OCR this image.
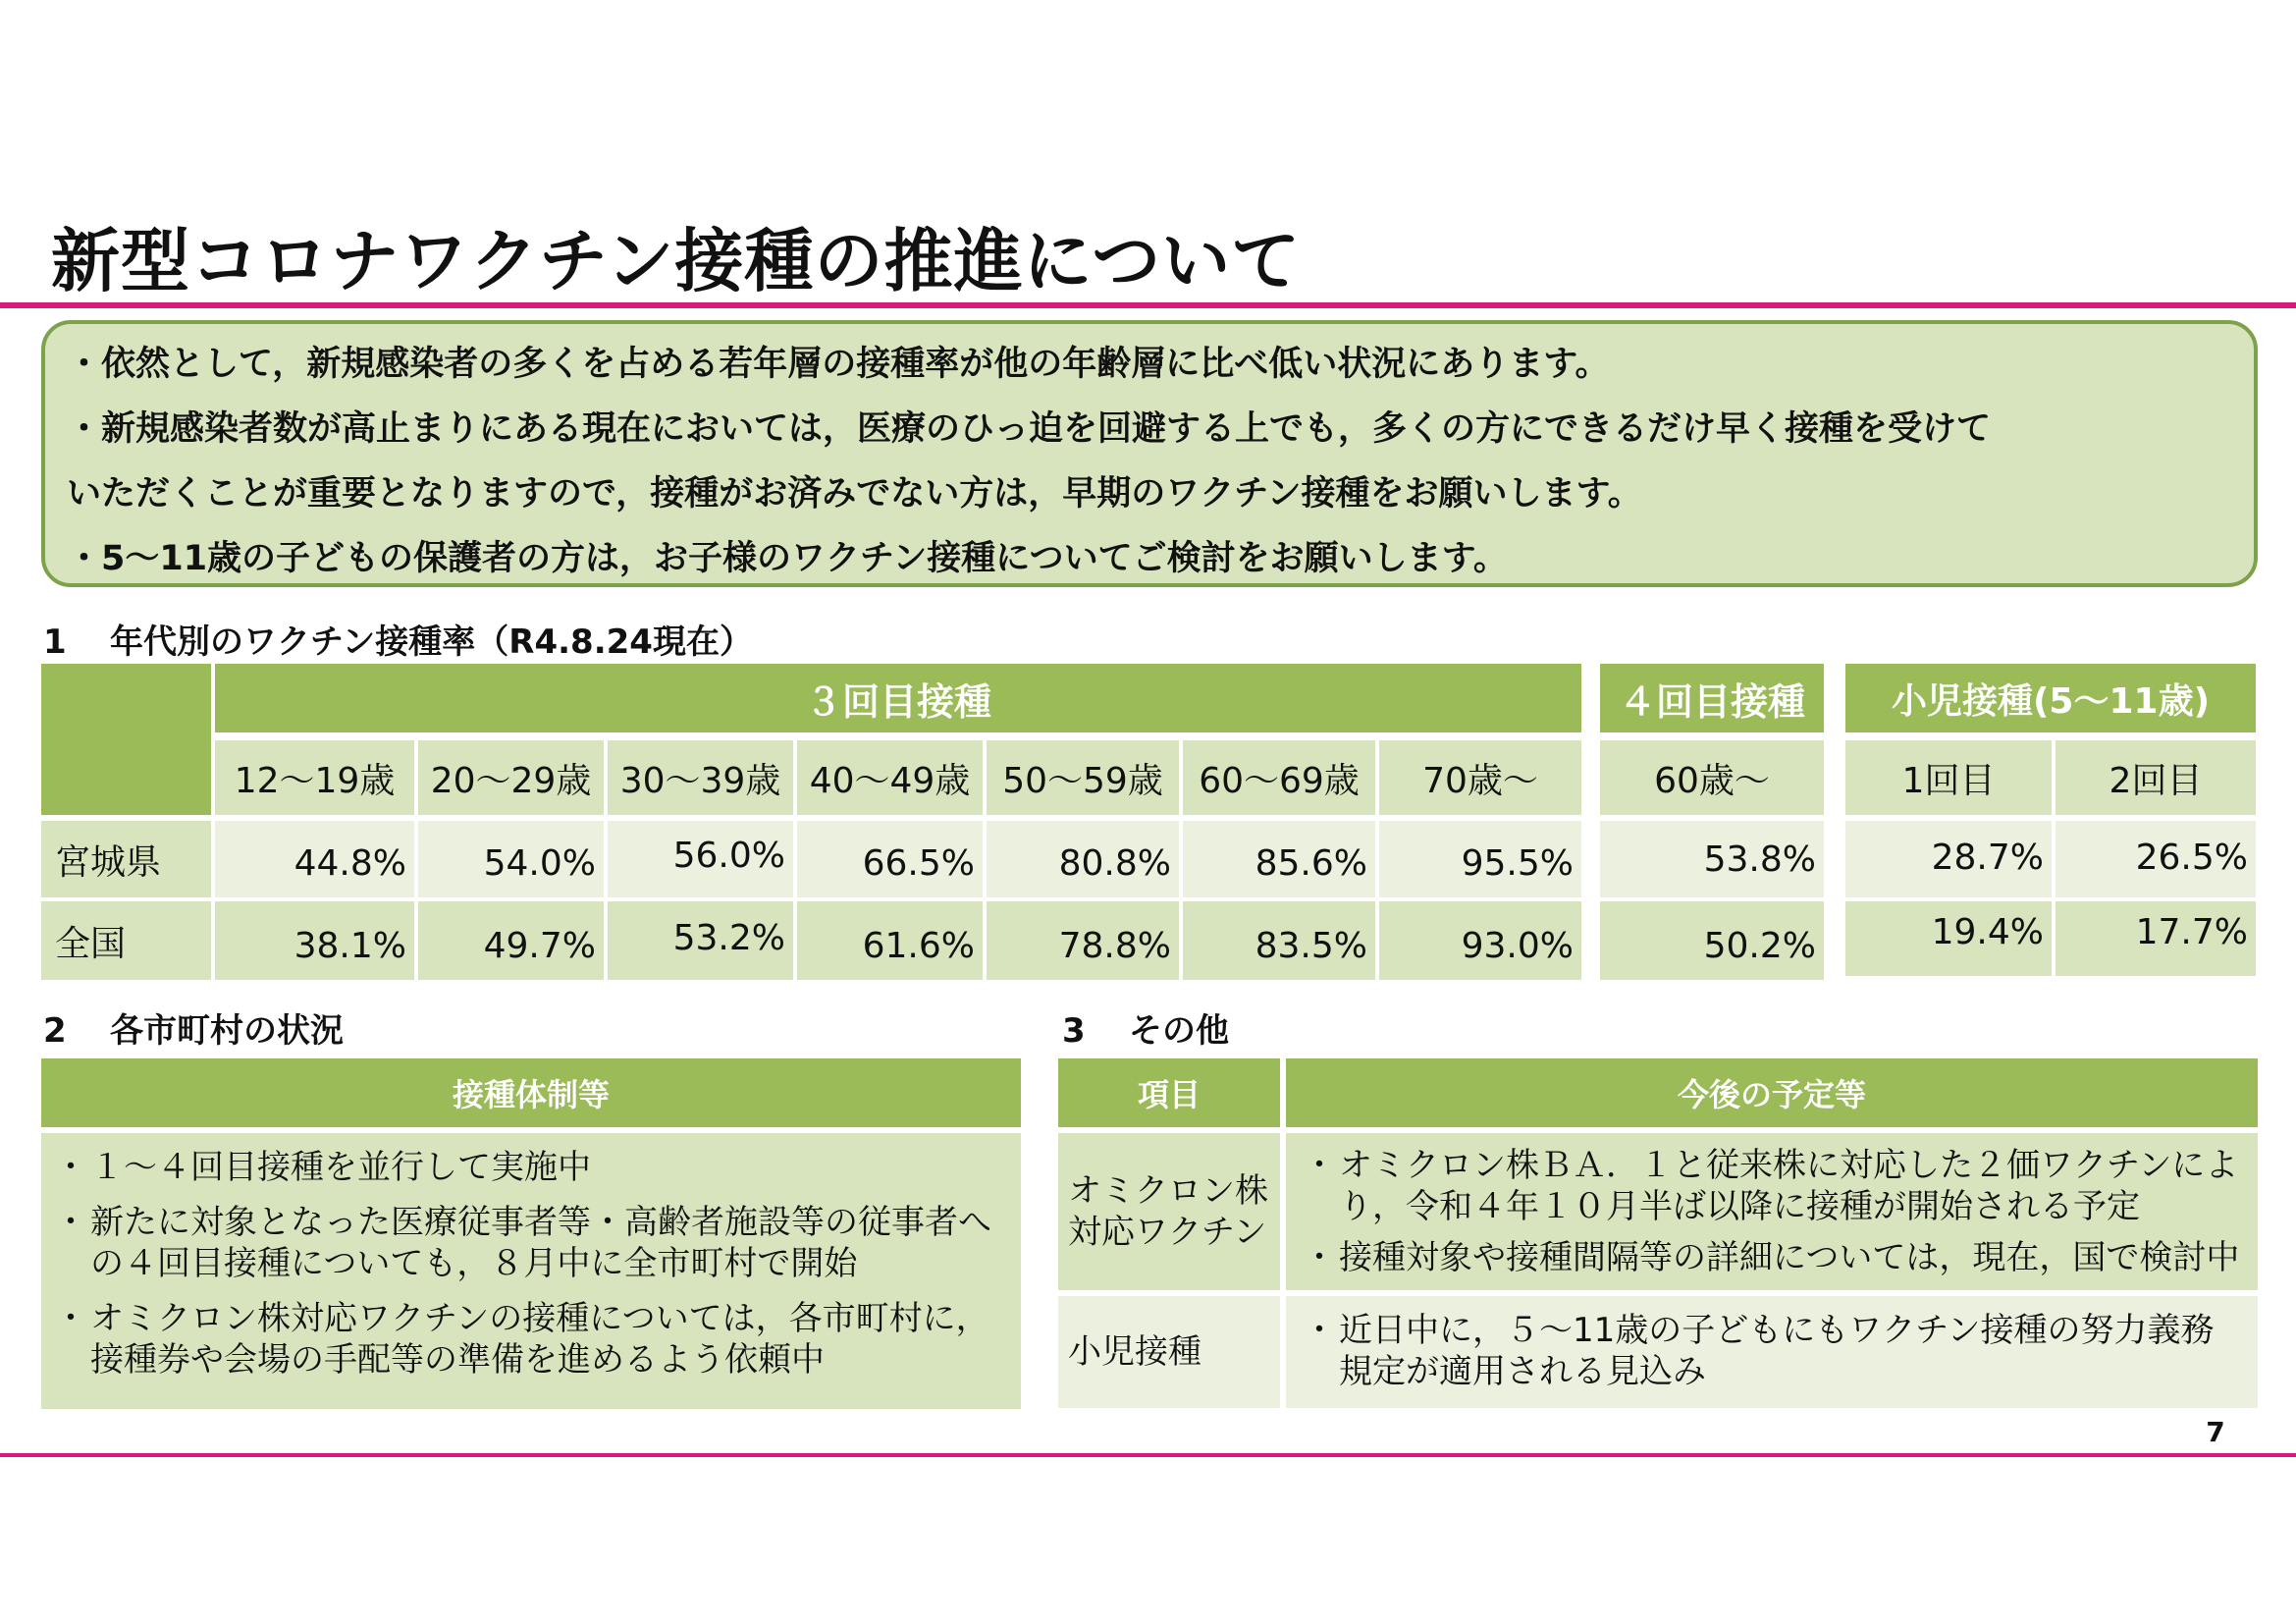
新型コロナワクチン接種の推進について

・依然として，新規感染者の多くを占める若年層の接種率が他の年齢層に比べ低い状況にあります。

・新規感染者数が高止まりにある現在においては，医療のひっ迫を回避する上でも，多くの方にできるだけ早く接種を受けて

いただくことが重要となりますので，接種がお済みでない方は，早期のワクチン接種をお願いします。

・5～11歳の子どもの保護者の方は，お子様のワクチン接種についてご検討をお願いします。

1 年代別のワクチン接種率（R4.8.24現在）
３回目接種	４回目接種	小児接種(5～11歳)
12～19歳	20～29歳 30～39歳 40～49歳 50～59歳	60～69歳	70歳～	60歳～	1回目	2回目
宮城県	44.8%	54.0%	56.0%	66.5%	80.8%	85.6%	95.5%	53.8%	28.7%	26.5%
全国	38.1%	49.7%	53.2%	61.6%	78.8%	83.5%	93.0%	50.2%	19.4%	17.7%
2 各市町村の状況
接種体制等
・ １～４回目接種を並行して実施中
・ 新たに対象となった医療従事者等・高齢者施設等の従事者への４回目接種についても，８月中に全市町村で開始
・ オミクロン株対応ワクチンの接種については，各市町村に，接種券や会場の手配等の準備を進めるよう依頼中
3 その他
項目	今後の予定等
オミクロン株対応ワクチン
・ オミクロン株ＢＡ．１と従来株に対応した２価ワクチンにより，令和４年１０月半ば以降に接種が開始される予定
・ 接種対象や接種間隔等の詳細については，現在，国で検討中
小児接種
・ 近日中に，５～11歳の子どもにもワクチン接種の努力義務規定が適用される見込み
7
